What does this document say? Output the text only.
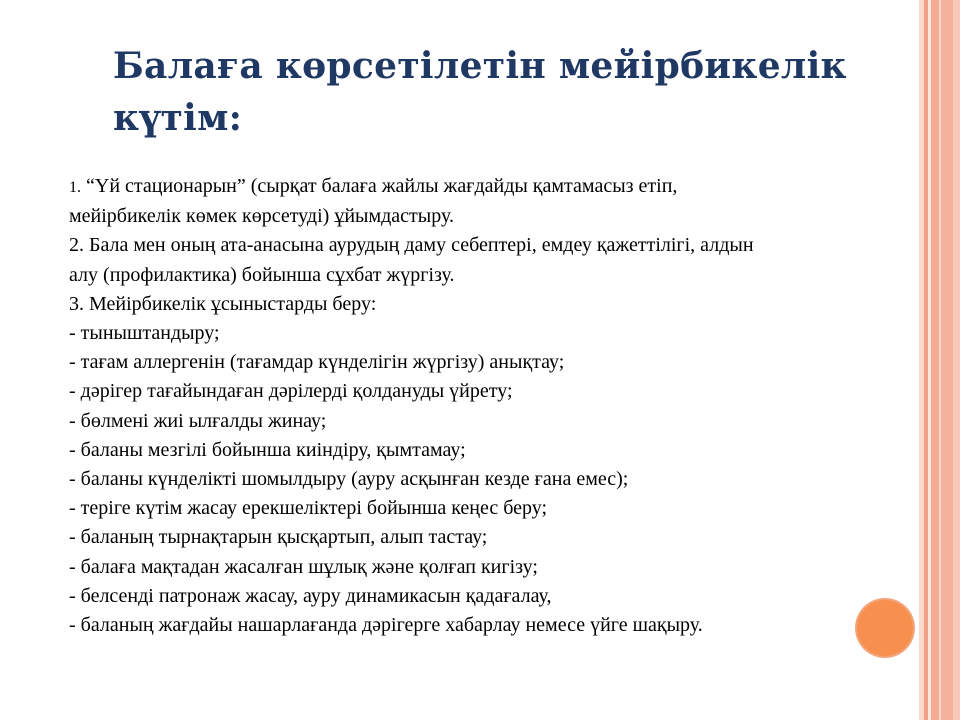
Балаға көрсетілетін мейірбикелік
күтім:
1. “Үй стационарын” (сырқат балаға жайлы жағдайды қамтамасыз етіп,
мейірбикелік көмек көрсетуді) ұйымдастыру.
2. Бала мен оның ата-анасына аурудың даму себептері, емдеу қажеттілігі, алдын
алу (профилактика) бойынша сұхбат жүргізу.
3. Мейірбикелік ұсыныстарды беру:
- тыныштандыру;
- тағам аллергенін (тағамдар күнделігін жүргізу) анықтау;
- дәрігер тағайындаған дәрілерді қолдануды үйрету;
- бөлмені жиі ылғалды жинау;
- баланы мезгілі бойынша киіндіру, қымтамау;
- баланы күнделікті шомылдыру (ауру асқынған кезде ғана емес);
- теріге күтім жасау ерекшеліктері бойынша кеңес беру;
- баланың тырнақтарын қысқартып, алып тастау;
- балаға мақтадан жасалған шұлық және қолғап кигізу;
- белсенді патронаж жасау, ауру динамикасын қадағалау,
- баланың жағдайы нашарлағанда дәрігерге хабарлау немесе үйге шақыру.
